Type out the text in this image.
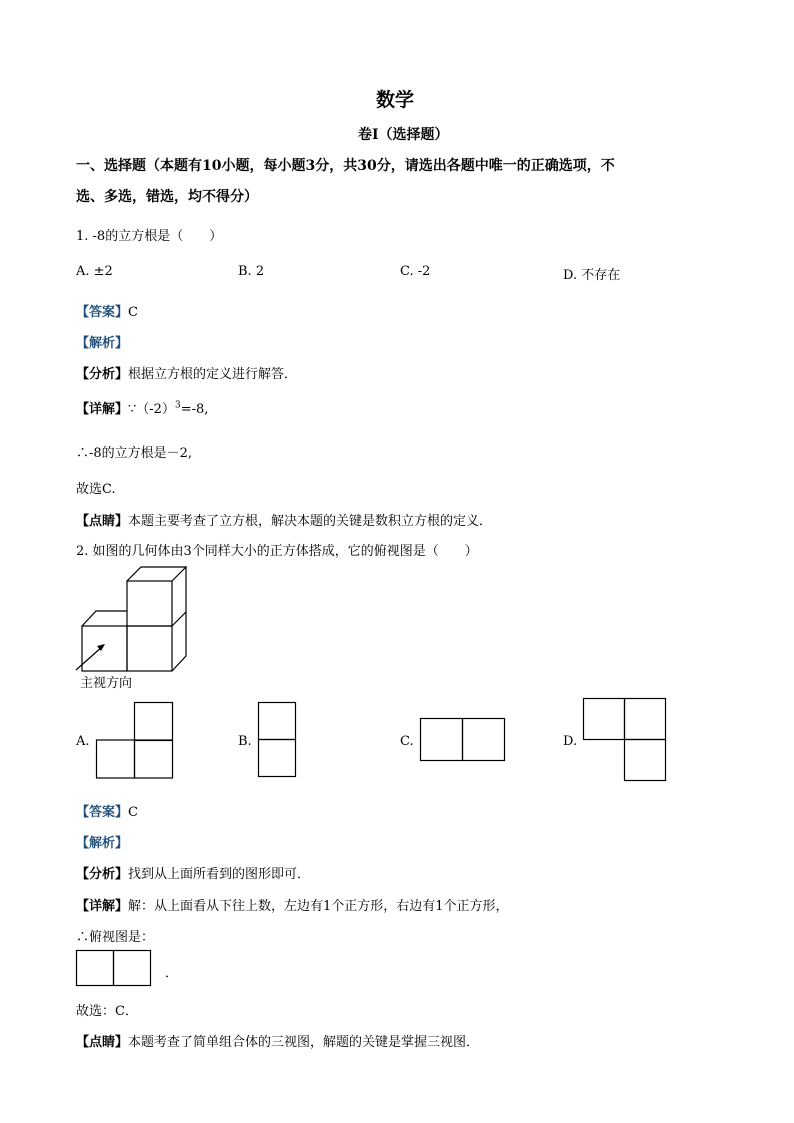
数学
卷I（选择题）
一、选择题（本题有10小题，每小题3分，共30分，请选出各题中唯一的正确选项，不
选、多选，错选，均不得分）
1. -8的立方根是（　　）
A. ±2	B. 2	C. -2	D. 不存在
【答案】C
【解析】
【分析】根据立方根的定义进行解答．
【详解】$\because(-2)^3=-8$,
∴-8的立方根是－2,
故选C.
【点睛】本题主要考查了立方根，解决本题的关键是数积立方根的定义．
2. 如图的几何体由3个同样大小的正方体搭成，它的俯视图是（　　）
主视方向
A.	B.	C.	D.
【答案】C
【解析】
【分析】找到从上面所看到的图形即可．
【详解】解：从上面看从下往上数，左边有1个正方形，右边有1个正方形，
∴俯视图是：
．
故选：C．
【点睛】本题考查了简单组合体的三视图，解题的关键是掌握三视图．
